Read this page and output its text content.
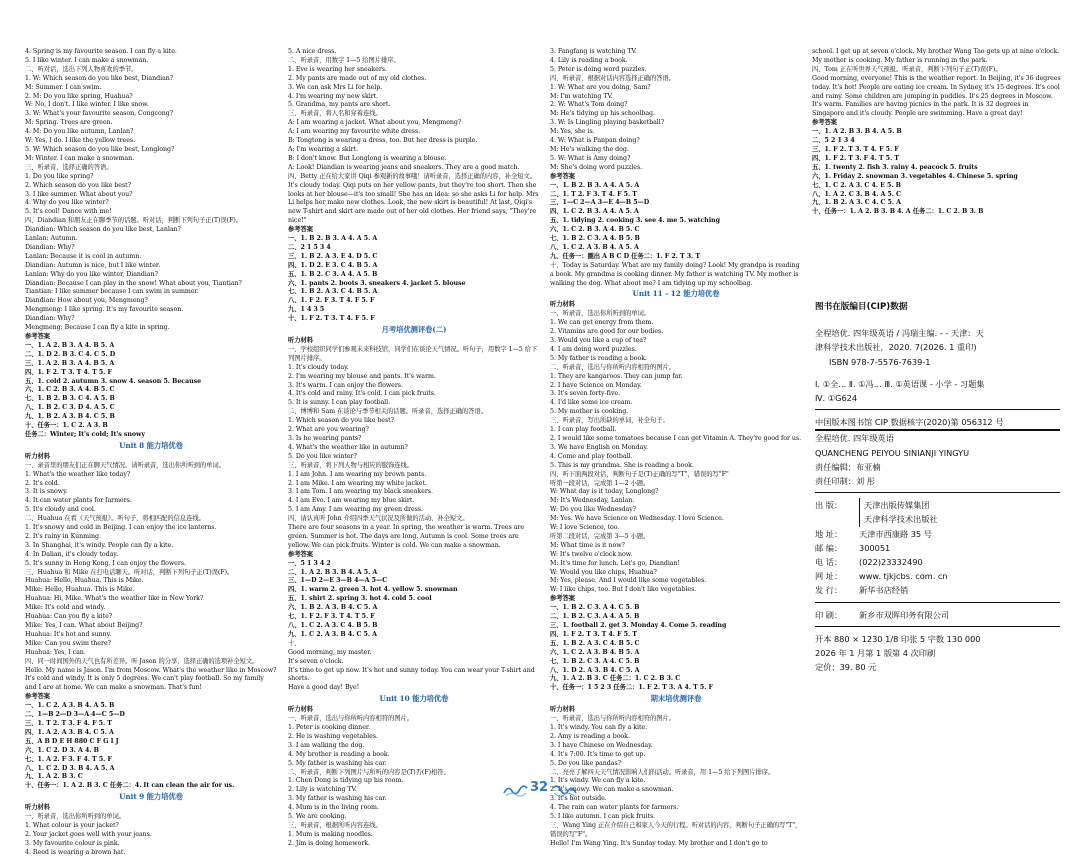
4. Spring is my favourite season. I can fly a kite.
5. I like winter. I can make a snowman.
二、听对话，选出下列人物喜欢的季节。
1. W: Which season do you like best, Diandian?
M: Summer. I can swim.
2. M: Do you like spring, Huahua?
W: No, I don't. I like winter. I like snow.
3. W: What's your favourite season, Congcong?
M: Spring. Trees are green.
4. M: Do you like autumn, Lanlan?
W: Yes, I do. I like the yellow trees.
5. W: Which season do you like best, Longlong?
M: Winter. I can make a snowman.
三、听录音，选择正确的答语。
1. Do you like spring?
2. Which season do you like best?
3. I like summer. What about you?
4. Why do you like winter?
5. It's cool! Dance with me!
四、Diandian 和朋友正在聊季节的话题。听对话，判断下列句子正(T)误(F)。
Diandian: Which season do you like best, Lanlan?
Lanlan: Autumn.
Diandian: Why?
Lanlan: Because it is cool in autumn.
Diandian: Autumn is nice, but I like winter.
Lanlan: Why do you like winter, Diandian?
Diandian: Because I can play in the snow! What about you, Tiantian?
Tiantian: I like summer because I can swim in summer.
Diandian: How about you, Mengmeng?
Mengmeng: I like spring. It's my favourite season.
Diandian: Why?
Mengmeng: Because I can fly a kite in spring.
参考答案
一、1. A 2. B 3. A 4. B 5. A
二、1. D 2. B 3. C 4. C 5. D
三、1. A 2. B 3. A 4. B 5. A
四、1. F 2. T 3. T 4. T 5. F
五、1. cold 2. autumn 3. snow 4. season 5. Because
六、1. C 2. B 3. A 4. B 5. C
七、1. B 2. B 3. C 4. A 5. B
八、1. B 2. C 3. D 4. A 5. C
九、1. B 2. A 3. B 4. C 5. B
十、任务一：1. C 2. A 3. B
任务二：Winter; It's cold; It's snowy
Unit 8 能力培优卷
听力材料
一、录音里的朋友们正在聊天气情况。请听录音，选出你所听到的单词。
1. What's the weather like today?
2. It's cold.
3. It is snowy.
4. It can water plants for farmers.
5. It's cloudy and cool.
二、Huahua 在看《天气预报》。听句子，将相匹配的信息连线。
1. It's snowy and cold in Beijing. I can enjoy the ice lanterns.
2. It's rainy in Kunming.
3. In Shanghai, it's windy. People can fly a kite.
4. In Dalian, it's cloudy today.
5. It's sunny in Hong Kong. I can enjoy the flowers.
三、Huahua 和 Mike 在打电话聊天。听对话，判断下列句子正(T)误(F)。
Huahua: Hello, Huahua. This is Mike.
Mike: Hello, Huahua. This is Mike.
Huahua: Hi, Mike. What's the weather like in New York?
Mike: It's cold and windy.
Huahua: Can you fly a kite?
Mike: Yes, I can. What about Beijing?
Huahua: It's hot and sunny.
Mike: Can you swim there?
Huahua: Yes, I can.
四、同一时间国外的天气也有所差异。听 Jason 的分享，选择正确的选项补全短文。
Hello. My name is Jason. I'm from Moscow. What's the weather like in Moscow? It's cold and windy. It is only 5 degrees. We can't play football. So my family and I are at home. We can make a snowman. That's fun!
参考答案
一、1. C 2. A 3. B 4. A 5. B
二、1—B 2—D 3—A 4—C 5—D
三、1. T 2. T 3. F 4. F 5. T
四、1. A 2. A 3. B 4. C 5. A
五、A B D E H 880 C F G I J
六、1. C 2. D 3. A 4. B
七、1. A 2. F 3. F 4. T 5. F
八、1. C 2. D 3. B 4. A 5. A
九、1. A 2. B 3. C
十、任务一：1. A 2. B 3. C 任务二：4. It can clean the air for us.
Unit 9 能力培优卷
听力材料
一、听录音，选出你所听到的单词。
1. What colour is your jacket?
2. Your jacket goes well with your jeans.
3. My favourite colour is pink.
4. Reed is wearing a brown hat.
5. A nice dress.
二、听录音，用数字 1—5 给图片排序。
1. Eve is wearing her sneakers.
2. My pants are made out of my old clothes.
3. We can ask Mrs Li for help.
4. I'm wearing my new skirt.
5. Grandma, my pants are short.
三、听录音，将人名和穿着连线。
A: I am wearing a jacket. What about you, Mengmeng?
A: I am wearing my favourite white dress.
B: Tongtong is wearing a dress, too. But her dress is purple.
A: I'm wearing a skirt.
B: I don't know. But Longlong is wearing a blouse.
A: Look! Diandian is wearing jeans and sneakers. They are a good match.
四、Betty 正在给大家讲 Qiqi 参观新的故事哦！请听录音，选择正确的内容，补全短文。
It's cloudy today. Qiqi puts on her yellow pants, but they're too short. Then she looks at her blouse—it's too small! She has an idea: so she asks Li for help. Mrs Li helps her make new clothes. Look, the new skirt is beautiful! At last, Qiqi's new T-shirt and skirt are made out of her old clothes. Her friend says, "They're nice!"
参考答案
一、1. B 2. B 3. A 4. A 5. A
二、2 1 5 3 4
三、1. B 2. A 3. E 4. D 5. C
四、1. D 2. E 3. C 4. B 5. A
五、1. B 2. C 3. A 4. A 5. B
六、1. pants 2. boots 3. sneakers 4. jacket 5. blouse
七、1. B 2. A 3. C 4. B 5. A
八、1. F 2. F 3. T 4. F 5. F
九、1 4 3 5
十、1. F 2. T 3. T 4. F 5. F
月考培优测评卷(二)
听力材料
一、学校组织同学们参观未来科技馆，同学们在谈论天气情况。听句子，用数字 1—5 给下列图片排序。
1. It's cloudy today.
2. I'm wearing my blouse and pants. It's warm.
3. It's warm. I can enjoy the flowers.
4. It's cold and rainy. It's cold. I can pick fruits.
5. It is sunny. I can play football.
二、博博和 Sam 在谈论与季节相关的话题。听录音，选择正确的答语。
1. Which season do you like best?
2. What are you wearing?
3. Is he wearing pants?
4. What's the weather like in autumn?
5. Do you like winter?
三、听录音，将下列人物与相应的服饰连线。
1. I am John. I am wearing my brown pants.
2. I am Mike. I am wearing my white jacket.
3. I am Tom. I am wearing my black sneakers.
4. I am Eve. I am wearing my blue skirt.
5. I am Amy. I am wearing my green dress.
四、请认真听 John 介绍四季天气状况及所做的活动，补全短文。
There are four seasons in a year. In spring, the weather is warm. Trees are green. Summer is hot. The days are long. Autumn is cool. Some trees are yellow. We can pick fruits. Winter is cold. We can make a snowman.
参考答案
一、5 1 3 4 2
二、1. A 2. B 3. B 4. A 5. A
三、1—D 2—E 3—B 4—A 5—C
四、1. warm 2. green 3. hot 4. yellow 5. snowman
五、1. shirt 2. spring 3. hot 4. cold 5. cool
六、1. B 2. A 3. B 4. C 5. A
七、1. F 2. F 3. T 4. T 5. F
八、1. C 2. A 3. C 4. B 5. B
九、1. C 2. A 3. B 4. C 5. A
十、
Good morning, my master.
It's seven o'clock.
It's time to get up now. It's hot and sunny today. You can wear your T-shirt and shorts.
Have a good day! Bye!
Unit 10 能力培优卷
听力材料
一、听录音，选出与你所听内容相符的图片。
1. Peter is cooking dinner.
2. He is washing vegetables.
3. I am walking the dog.
4. My brother is reading a book.
5. My father is washing his car.
二、听录音，判断下列图片与所听的内容是(T)否(F)相符。
1. Chen Dong is tidying up his room.
2. Lily is watching TV.
3. My father is washing his car.
4. Mum is in the living room.
5. We are cooking.
三、听录音，根据所听内容连线。
1. Mum is making noodles.
2. Jim is doing homework.
3. Fangfang is watching TV.
4. Lily is reading a book.
5. Peter is doing word puzzles.
四、听录音，根据对话内容选择正确的答语。
1. W: What are you doing, Sam?
M: I'm watching TV.
2. W: What's Tom doing?
M: He's tidying up his schoolbag.
3. W: Is Lingling playing basketball?
M: Yes, she is.
4. W: What is Panpan doing?
M: He's walking the dog.
5. W: What is Amy doing?
M: She's doing word puzzles.
参考答案
一、1. B 2. B 3. A 4. A 5. A
二、1. T 2. F 3. T 4. F 5. T
三、1—C 2—A 3—E 4—B 5—D
四、1. C 2. B 3. A 4. A 5. A
五、1. tidying 2. cooking 3. see 4. me 5. watching
六、1. C 2. B 3. A 4. B 5. C
七、1. B 2. C 3. A 4. B 5. B
八、1. C 2. A 3. B 4. A 5. A
九、任务一：圈出 A B C D 任务二：1. F 2. T 3. T
十、Today is Saturday. What are my family doing? Look! My grandpa is reading a book. My grandma is cooking dinner. My father is watching TV. My mother is walking the dog. What about me? I am tidying up my schoolbag.
Unit 11 - 12 能力培优卷
听力材料
一、听录音，选出你所听到的单词。
1. We can get energy from them.
2. Vitamins are good for our bodies.
3. Would you like a cup of tea?
4. I am doing word puzzles.
5. My father is reading a book.
二、听录音，选出与你所听内容相符的图片。
1. They are kangaroos. They can jump far.
2. I have Science on Monday.
3. It's seven forty-five.
4. I'd like some ice cream.
5. My mother is cooking.
三、听录音，写出所缺的单词，补全句子。
1. I can play football.
2. I would like some tomatoes because I can get Vitamin A. They're good for us.
3. We have English on Monday.
4. Come and play football.
5. This is my grandma. She is reading a book.
四、听下面两段对话，判断句子是(T)正确的写"T"，错误的写"F"
听第一段对话，完成第 1—2 小题。
W: What day is it today, Longlong?
M: It's Wednesday, Lanlan.
W: Do you like Wednesday?
M: Yes. We have Science on Wednesday. I love Science.
W: I love Science, too.
听第二段对话，完成第 3—5 小题。
M: What time is it now?
W: It's twelve o'clock now.
M: It's time for lunch. Let's go, Diandian!
W: Would you like chips, Huahua?
M: Yes, please. And I would like some vegetables.
W: I like chips, too. But I don't like vegetables.
参考答案
一、1. B 2. C 3. A 4. C 5. B
二、1. B 2. C 3. A 4. A 5. B
三、1. football 2. get 3. Monday 4. Come 5. reading
四、1. F 2. T 3. T 4. F 5. T
五、1. B 2. A 3. C 4. B 5. C
六、1. C 2. A 3. B 4. B 5. A
七、1. B 2. C 3. A 4. C 5. B
八、1. D 2. A 3. B 4. C 5. A
九、1. A 2. B 3. C 任务二：1. C 2. B 3. C
十、任务一：1 5 2 3 任务二：1. F 2. T 3. A 4. T 5. F
期末培优测评卷
听力材料
一、听录音，选出与你所听内容相符的图片。
1. It's windy. You can fly a kite.
2. Amy is reading a book.
3. I have Chinese on Wednesday.
4. It's 7:00. It's time to get up.
5. Do you like pandas?
二、亮亮了解四天天气情况影响人们的活动。听录音，用 1—5 给下列图片排序。
1. It's windy. We can fly a kite.
2. It's snowy. We can make a snowman.
3. It's hot outside.
4. The rain can water plants for farmers.
5. I like autumn. I can pick fruits.
三、Wang Ying 正在介绍自己和家人今天的行程。听对话的内容，判断句子正确的写"T"，错误的写"F"。
Hello! I'm Wang Ying. It's Sunday today. My brother and I don't go to
school. I get up at seven o'clock. My brother Wang Tao gets up at nine o'clock. My mother is cooking. My father is running in the park.
四、Tom 正在听世界天气预报。听录音，判断下列句子正(T)误(F)。
Good morning, everyone! This is the weather report. In Beijing, it's 36 degrees today. It's hot! People are eating ice cream. In Sydney, it's 15 degrees. It's cool and rainy. Some children are jumping in puddles. It's 25 degrees in Moscow. It's warm. Families are having picnics in the park. It is 32 degrees in Singapore and it's cloudy. People are swimming. Have a great day!
参考答案
一、1. A 2. B 3. B 4. A 5. B
二、5 2 1 3 4
三、1. F 2. T 3. T 4. F 5. F
四、1. F 2. T 3. F 4. T 5. T
五、1. twenty 2. fish 3. rainy 4. peacock 5. fruits
六、1. Friday 2. snowman 3. vegetables 4. Chinese 5. spring
七、1. C 2. A 3. C 4. E 5. B
八、1. A 2. C 3. B 4. A 5. C
九、1. B 2. A 3. C 4. C 5. A
十、任务一：1. A 2. B 3. B 4. A 任务二：1. C 2. B 3. B
图书在版编目(CIP)数据
全程培优. 四年级英语 / 冯瑞主编. - - 天津：天
津科学技术出版社，2020. 7(2026. 1 重印)
ISBN 978-7-5576-7639-1
Ⅰ. ①全… Ⅱ. ①冯… Ⅲ. ①英语课 - 小学 - 习题集
Ⅳ. ①G624
中国版本图书馆 CIP 数据核字(2020)第 056312 号
全程培优. 四年级英语
QUANCHENG PEIYOU SINIANJI YINGYU
责任编辑：布亚楠
责任印制：刘 彤
出 版：	天津出版传媒集团
天津科学技术出版社
地 址：	天津市西康路 35 号
邮 编：	300051
电 话：	(022)23332490
网 址：	www. tjkjcbs. com. cn
发 行：	新华书店经销
印 刷：	新乡市双晖印务有限公司
开本 880 × 1230 1/8 印张 5 字数 130 000
2026 年 1 月第 1 版第 4 次印刷
定价：39. 80 元
32
